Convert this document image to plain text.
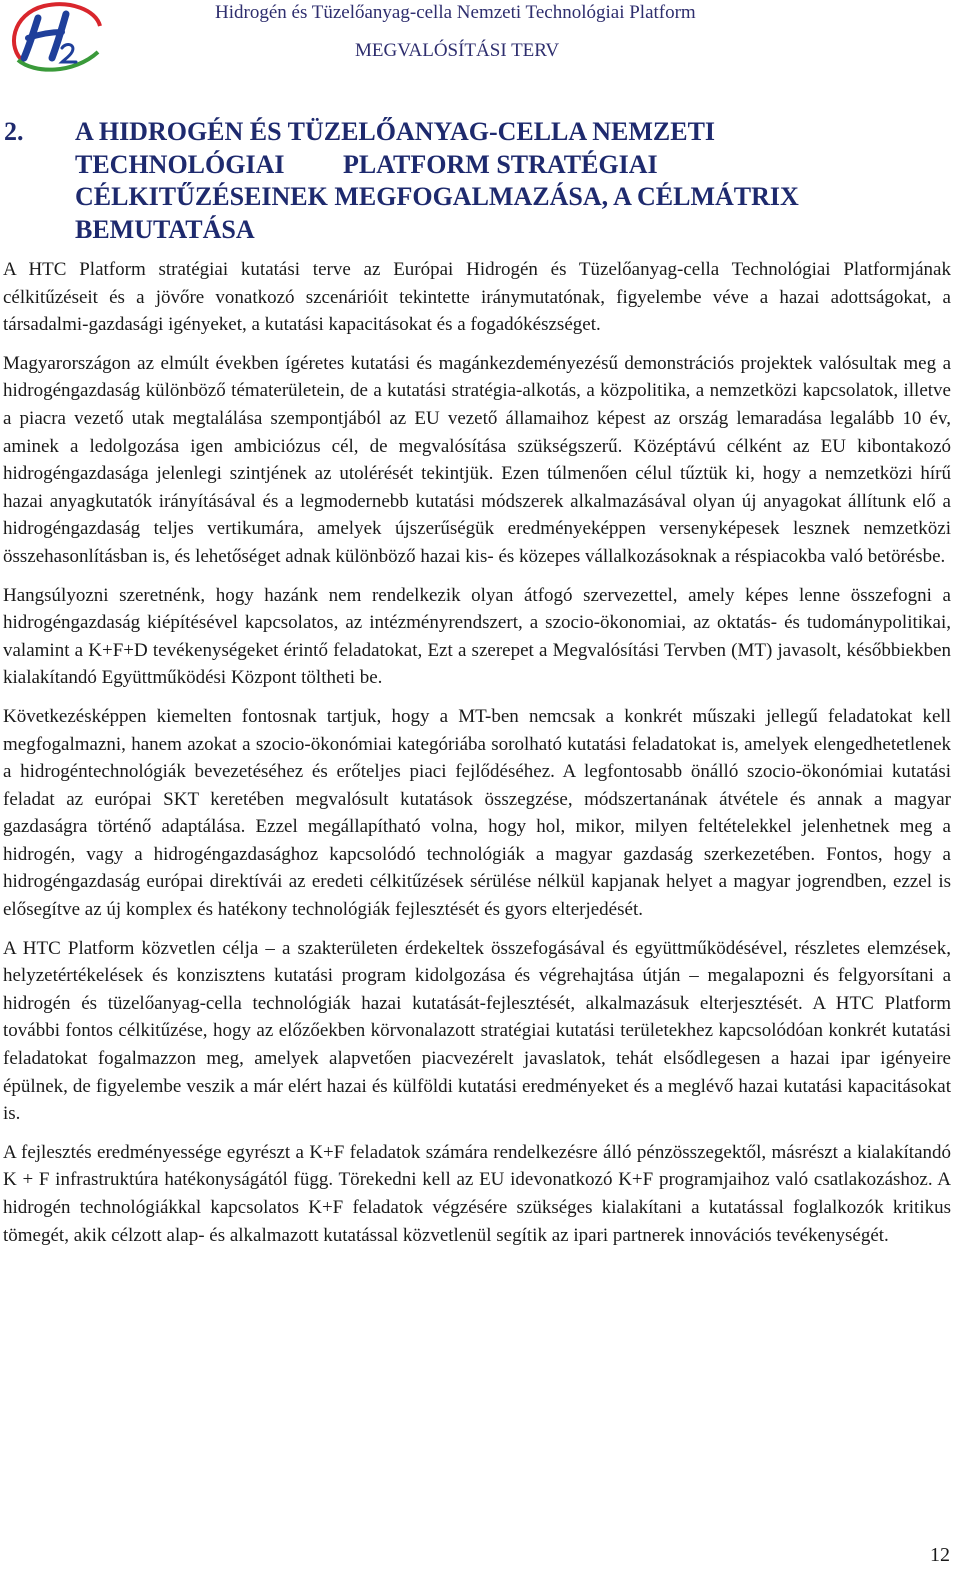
Hidrogén és Tüzelőanyag-cella Nemzeti Technológiai Platform
MEGVALÓSÍTÁSI TERV
2. A HIDROGÉN ÉS TÜZELŐANYAG-CELLA NEMZETI
TECHNOLÓGIAI         PLATFORM STRATÉGIAI
CÉLKITŰZÉSEINEK MEGFOGALMAZÁSA, A CÉLMÁTRIX
BEMUTATÁSA

A HTC Platform stratégiai kutatási terve az Európai Hidrogén és Tüzelőanyag-cella Technológiai Platformjának célkitűzéseit és a jövőre vonatkozó szcenárióit tekintette iránymutatónak, figyelembe véve a hazai adottságokat, a társadalmi-gazdasági igényeket, a kutatási kapacitásokat és a fogadókészséget.

Magyarországon az elmúlt években ígéretes kutatási és magánkezdeményezésű demonstrációs projektek valósultak meg a hidrogéngazdaság különböző tématerületein, de a kutatási stratégia-alkotás, a közpolitika, a nemzetközi kapcsolatok, illetve a piacra vezető utak megtalálása szempontjából az EU vezető államaihoz képest az ország lemaradása legalább 10 év, aminek a ledolgozása igen ambiciózus cél, de megvalósítása szükségszerű. Középtávú célként az EU kibontakozó hidrogéngazdasága jelenlegi szintjének az utolérését tekintjük. Ezen túlmenően célul tűztük ki, hogy a nemzetközi hírű hazai anyagkutatók irányításával és a legmodernebb kutatási módszerek alkalmazásával olyan új anyagokat állítunk elő a hidrogéngazdaság teljes vertikumára, amelyek újszerűségük eredményeképpen versenyképesek lesznek nemzetközi összehasonlításban is, és lehetőséget adnak különböző hazai kis- és közepes vállalkozásoknak a réspiacokba való betörésbe.

Hangsúlyozni szeretnénk, hogy hazánk nem rendelkezik olyan átfogó szervezettel, amely képes lenne összefogni a hidrogéngazdaság kiépítésével kapcsolatos, az intézményrendszert, a szocio-ökonomiai, az oktatás- és tudománypolitikai, valamint a K+F+D tevékenységeket érintő feladatokat, Ezt a szerepet a Megvalósítási Tervben (MT) javasolt, későbbiekben kialakítandó Együttműködési Központ töltheti be.

Következésképpen kiemelten fontosnak tartjuk, hogy a MT-ben nemcsak a konkrét műszaki jellegű feladatokat kell megfogalmazni, hanem azokat a szocio-ökonómiai kategóriába sorolható kutatási feladatokat is, amelyek elengedhetetlenek a hidrogéntechnológiák bevezetéséhez és erőteljes piaci fejlődéséhez. A legfontosabb önálló szocio-ökonómiai kutatási feladat az európai SKT keretében megvalósult kutatások összegzése, módszertanának átvétele és annak a magyar gazdaságra történő adaptálása. Ezzel megállapítható volna, hogy hol, mikor, milyen feltételekkel jelenhetnek meg a hidrogén, vagy a hidrogéngazdasághoz kapcsolódó technológiák a magyar gazdaság szerkezetében. Fontos, hogy a hidrogéngazdaság európai direktívái az eredeti célkitűzések sérülése nélkül kapjanak helyet a magyar jogrendben, ezzel is elősegítve az új komplex és hatékony technológiák fejlesztését és gyors elterjedését.

A HTC Platform közvetlen célja – a szakterületen érdekeltek összefogásával és együttműködésével, részletes elemzések, helyzetértékelések és konzisztens kutatási program kidolgozása és végrehajtása útján – megalapozni és felgyorsítani a hidrogén és tüzelőanyag-cella technológiák hazai kutatását-fejlesztését, alkalmazásuk elterjesztését. A HTC Platform további fontos célkitűzése, hogy az előzőekben körvonalazott stratégiai kutatási területekhez kapcsolódóan konkrét kutatási feladatokat fogalmazzon meg, amelyek alapvetően piacvezérelt javaslatok, tehát elsődlegesen a hazai ipar igényeire épülnek, de figyelembe veszik a már elért hazai és külföldi kutatási eredményeket és a meglévő hazai kutatási kapacitásokat is.

A fejlesztés eredményessége egyrészt a K+F feladatok számára rendelkezésre álló pénzösszegektől, másrészt a kialakítandó K + F infrastruktúra hatékonyságától függ. Törekedni kell az EU idevonatkozó K+F programjaihoz való csatlakozáshoz. A hidrogén technológiákkal kapcsolatos K+F feladatok végzésére szükséges kialakítani a kutatással foglalkozók kritikus tömegét, akik célzott alap- és alkalmazott kutatással közvetlenül segítik az ipari partnerek innovációs tevékenységét.

12
